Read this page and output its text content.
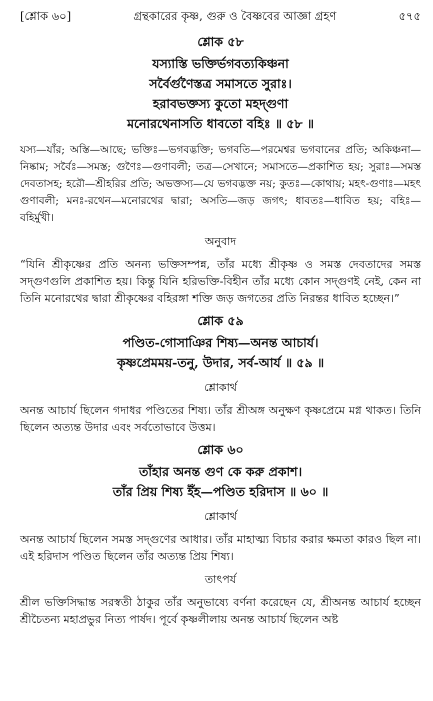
[শ্লোক ৬০]	গ্রন্থকারের কৃষ্ণ, গুরু ও বৈষ্ণবের আজ্ঞা গ্রহণ	৫৭৫
শ্লোক ৫৮
যস্যাস্তি ভক্তির্ভগবত্যকিঞ্চনা
সর্বৈর্গুণৈস্তত্র সমাসতে সুরাঃ।
হরাবভক্তস্য কুতো মহদ্গুণা
মনোরথেনাসতি ধাবতো বহিঃ ॥ ৫৮ ॥
যস্য—যাঁর; অস্তি—আছে; ভক্তিঃ—ভগবদ্ভক্তি; ভগবতি—পরমেশ্বর ভগবানের প্রতি; অকিঞ্চনা—নিষ্কাম; সর্বৈঃ—সমস্ত; গুণৈঃ—গুণাবলী; তত্র—সেখানে; সমাসতে—প্রকাশিত হয়; সুরাঃ—সমস্ত দেবতাসহ; হরৌ—শ্রীহরির প্রতি; অভক্তস্য—যে ভগবদ্ভক্ত নয়; কুতঃ—কোথায়; মহৎ-গুণাঃ—মহৎ গুণাবলী; মনঃ-রথেন—মনোরথের দ্বারা; অসতি—জড় জগৎ; ধাবতঃ—ধাবিত হয়; বহিঃ—বহির্মুখী।
অনুবাদ
“যিনি শ্রীকৃষ্ণের প্রতি অনন্য ভক্তিসম্পন্ন, তাঁর মধ্যে শ্রীকৃষ্ণ ও সমস্ত দেবতাদের সমস্ত সদ্গুণগুলি প্রকাশিত হয়। কিন্তু যিনি হরিভক্তি-বিহীন তাঁর মধ্যে কোন সদ্গুণই নেই, কেন না তিনি মনোরথের দ্বারা শ্রীকৃষ্ণের বহিরঙ্গা শক্তি জড় জগতের প্রতি নিরন্তর ধাবিত হচ্ছেন।”
শ্লোক ৫৯
পণ্ডিত-গোসাঞির শিষ্য—অনন্ত আচার্য।
কৃষ্ণপ্রেমময়-তনু, উদার, সর্ব-আর্য ॥ ৫৯ ॥
শ্লোকার্থ
অনন্ত আচার্য ছিলেন গদাধর পণ্ডিতের শিষ্য। তাঁর শ্রীঅঙ্গ অনুক্ষণ কৃষ্ণপ্রেমে মগ্ন থাকত। তিনি ছিলেন অত্যন্ত উদার এবং সর্বতোভাবে উত্তম।
শ্লোক ৬০
তাঁহার অনন্ত গুণ কে করু প্রকাশ।
তাঁর প্রিয় শিষ্য ইঁহ—পণ্ডিত হরিদাস ॥ ৬০ ॥
শ্লোকার্থ
অনন্ত আচার্য ছিলেন সমস্ত সদ্গুণের আধার। তাঁর মাহাত্ম্য বিচার করার ক্ষমতা কারও ছিল না। এই হরিদাস পণ্ডিত ছিলেন তাঁর অত্যন্ত প্রিয় শিষ্য।
তাৎপর্য
শ্রীল ভক্তিসিদ্ধান্ত সরস্বতী ঠাকুর তাঁর অনুভাষ্যে বর্ণনা করেছেন যে, শ্রীঅনন্ত আচার্য হচ্ছেন শ্রীচৈতন্য মহাপ্রভুর নিত্য পার্ষদ। পূর্বে কৃষ্ণলীলায় অনন্ত আচার্য ছিলেন অষ্ট
